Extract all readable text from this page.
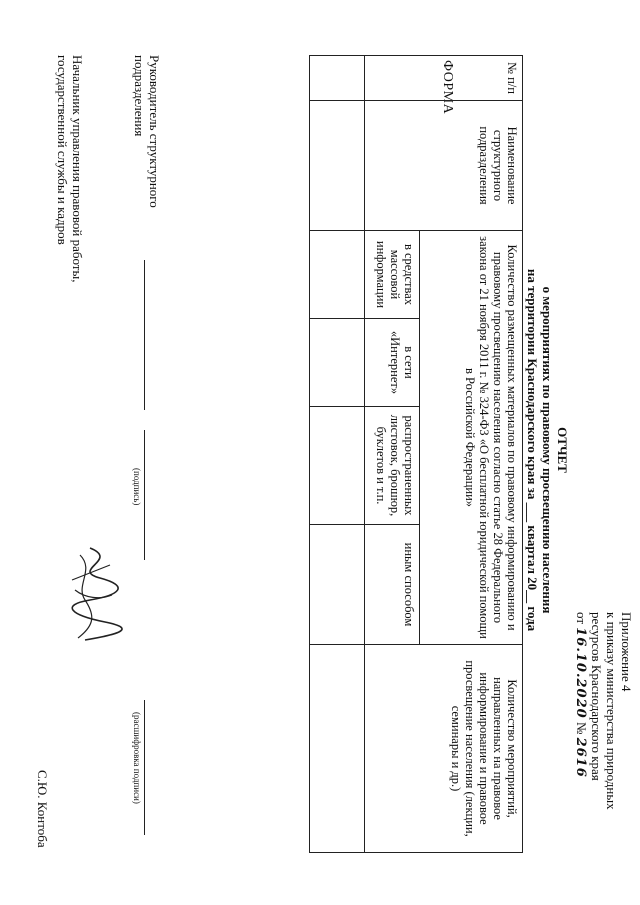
ФОРМА
Приложение 4
к приказу министерства природных
ресурсов Краснодарского края
от 16.10.2020 № 2616
ОТЧЕТ
о мероприятиях по правовому просвещению населения
на территории Краснодарского края за ___ квартал 20__ года
№ п/п	Наименование структурного подразделения	Количество размещенных материалов по правовому информированию и правовому просвещению населения согласно статье 28 Федерального закона от 21 ноября 2011 г. № 324-ФЗ «О бесплатной юридической помощи в Российской Федерации»				Количество мероприятий, направленных на правовое информирование и правовое просвещение населения (лекции, семинары и др.)
		в средствах массовой информации	в сети «Интернет»	распространенных листовок, брошюр, буклетов и т.п.	иным способом	

Руководитель структурного подразделения
(подпись)
(расшифровка подписи)
Начальник управления правовой работы, государственной службы и кадров
С.Ю. Контоба
